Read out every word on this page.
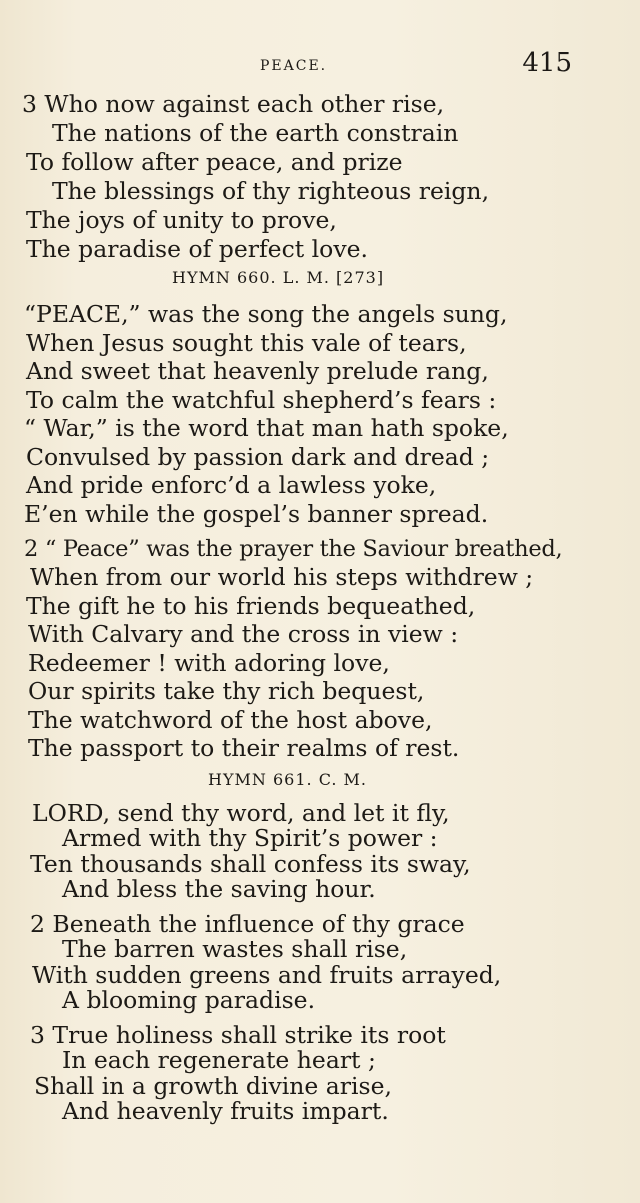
PEACE.	415
3 Who now against each other rise,
The nations of the earth constrain
To follow after peace, and prize
The blessings of thy righteous reign,
The joys of unity to prove,
The paradise of perfect love.
HYMN 660. L. M. [273]
“PEACE,” was the song the angels sung,
When Jesus sought this vale of tears,
And sweet that heavenly prelude rang,
To calm the watchful shepherd’s fears :
“ War,” is the word that man hath spoke,
Convulsed by passion dark and dread ;
And pride enforc’d a lawless yoke,
E’en while the gospel’s banner spread.
2 “ Peace” was the prayer the Saviour breathed,
When from our world his steps withdrew ;
The gift he to his friends bequeathed,
With Calvary and the cross in view :
Redeemer ! with adoring love,
Our spirits take thy rich bequest,
The watchword of the host above,
The passport to their realms of rest.
HYMN 661. C. M.
LORD, send thy word, and let it fly,
Armed with thy Spirit’s power :
Ten thousands shall confess its sway,
And bless the saving hour.
2 Beneath the influence of thy grace
The barren wastes shall rise,
With sudden greens and fruits arrayed,
A blooming paradise.
3 True holiness shall strike its root
In each regenerate heart ;
Shall in a growth divine arise,
And heavenly fruits impart.
